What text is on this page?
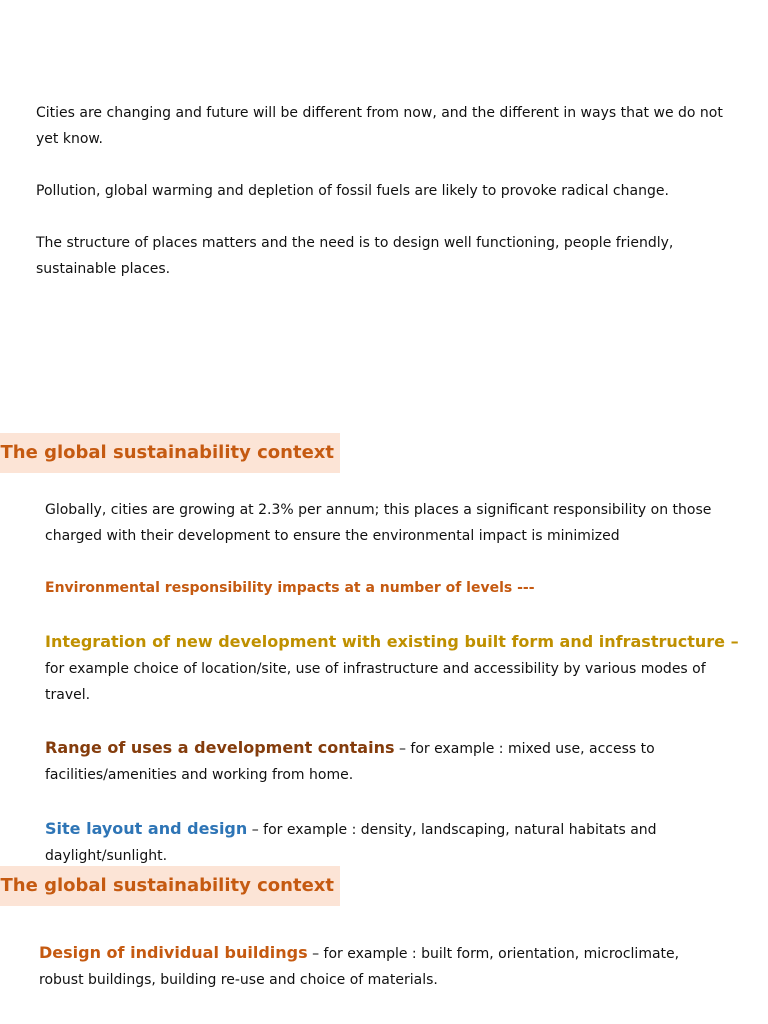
Cities are changing and future will be different from now, and the different in ways that we do not yet know.

Pollution, global warming and depletion of fossil fuels are likely to provoke radical change.

The structure of places matters and the need is to design well functioning, people friendly, sustainable places.

The global sustainability context

Globally, cities are growing at 2.3% per annum; this places a significant responsibility on those charged with their development to ensure the environmental impact is minimized

Environmental responsibility impacts at a number of levels ---

Integration of new development with existing built form and infrastructure – for example choice of location/site, use of infrastructure and accessibility by various modes of travel.

Range of uses a development contains – for example : mixed use, access to facilities/amenities and working from home.

Site layout and design – for example : density, landscaping, natural habitats and daylight/sunlight.

The global sustainability context

Design of individual buildings – for example : built form, orientation, microclimate, robust buildings, building re-use and choice of materials.
